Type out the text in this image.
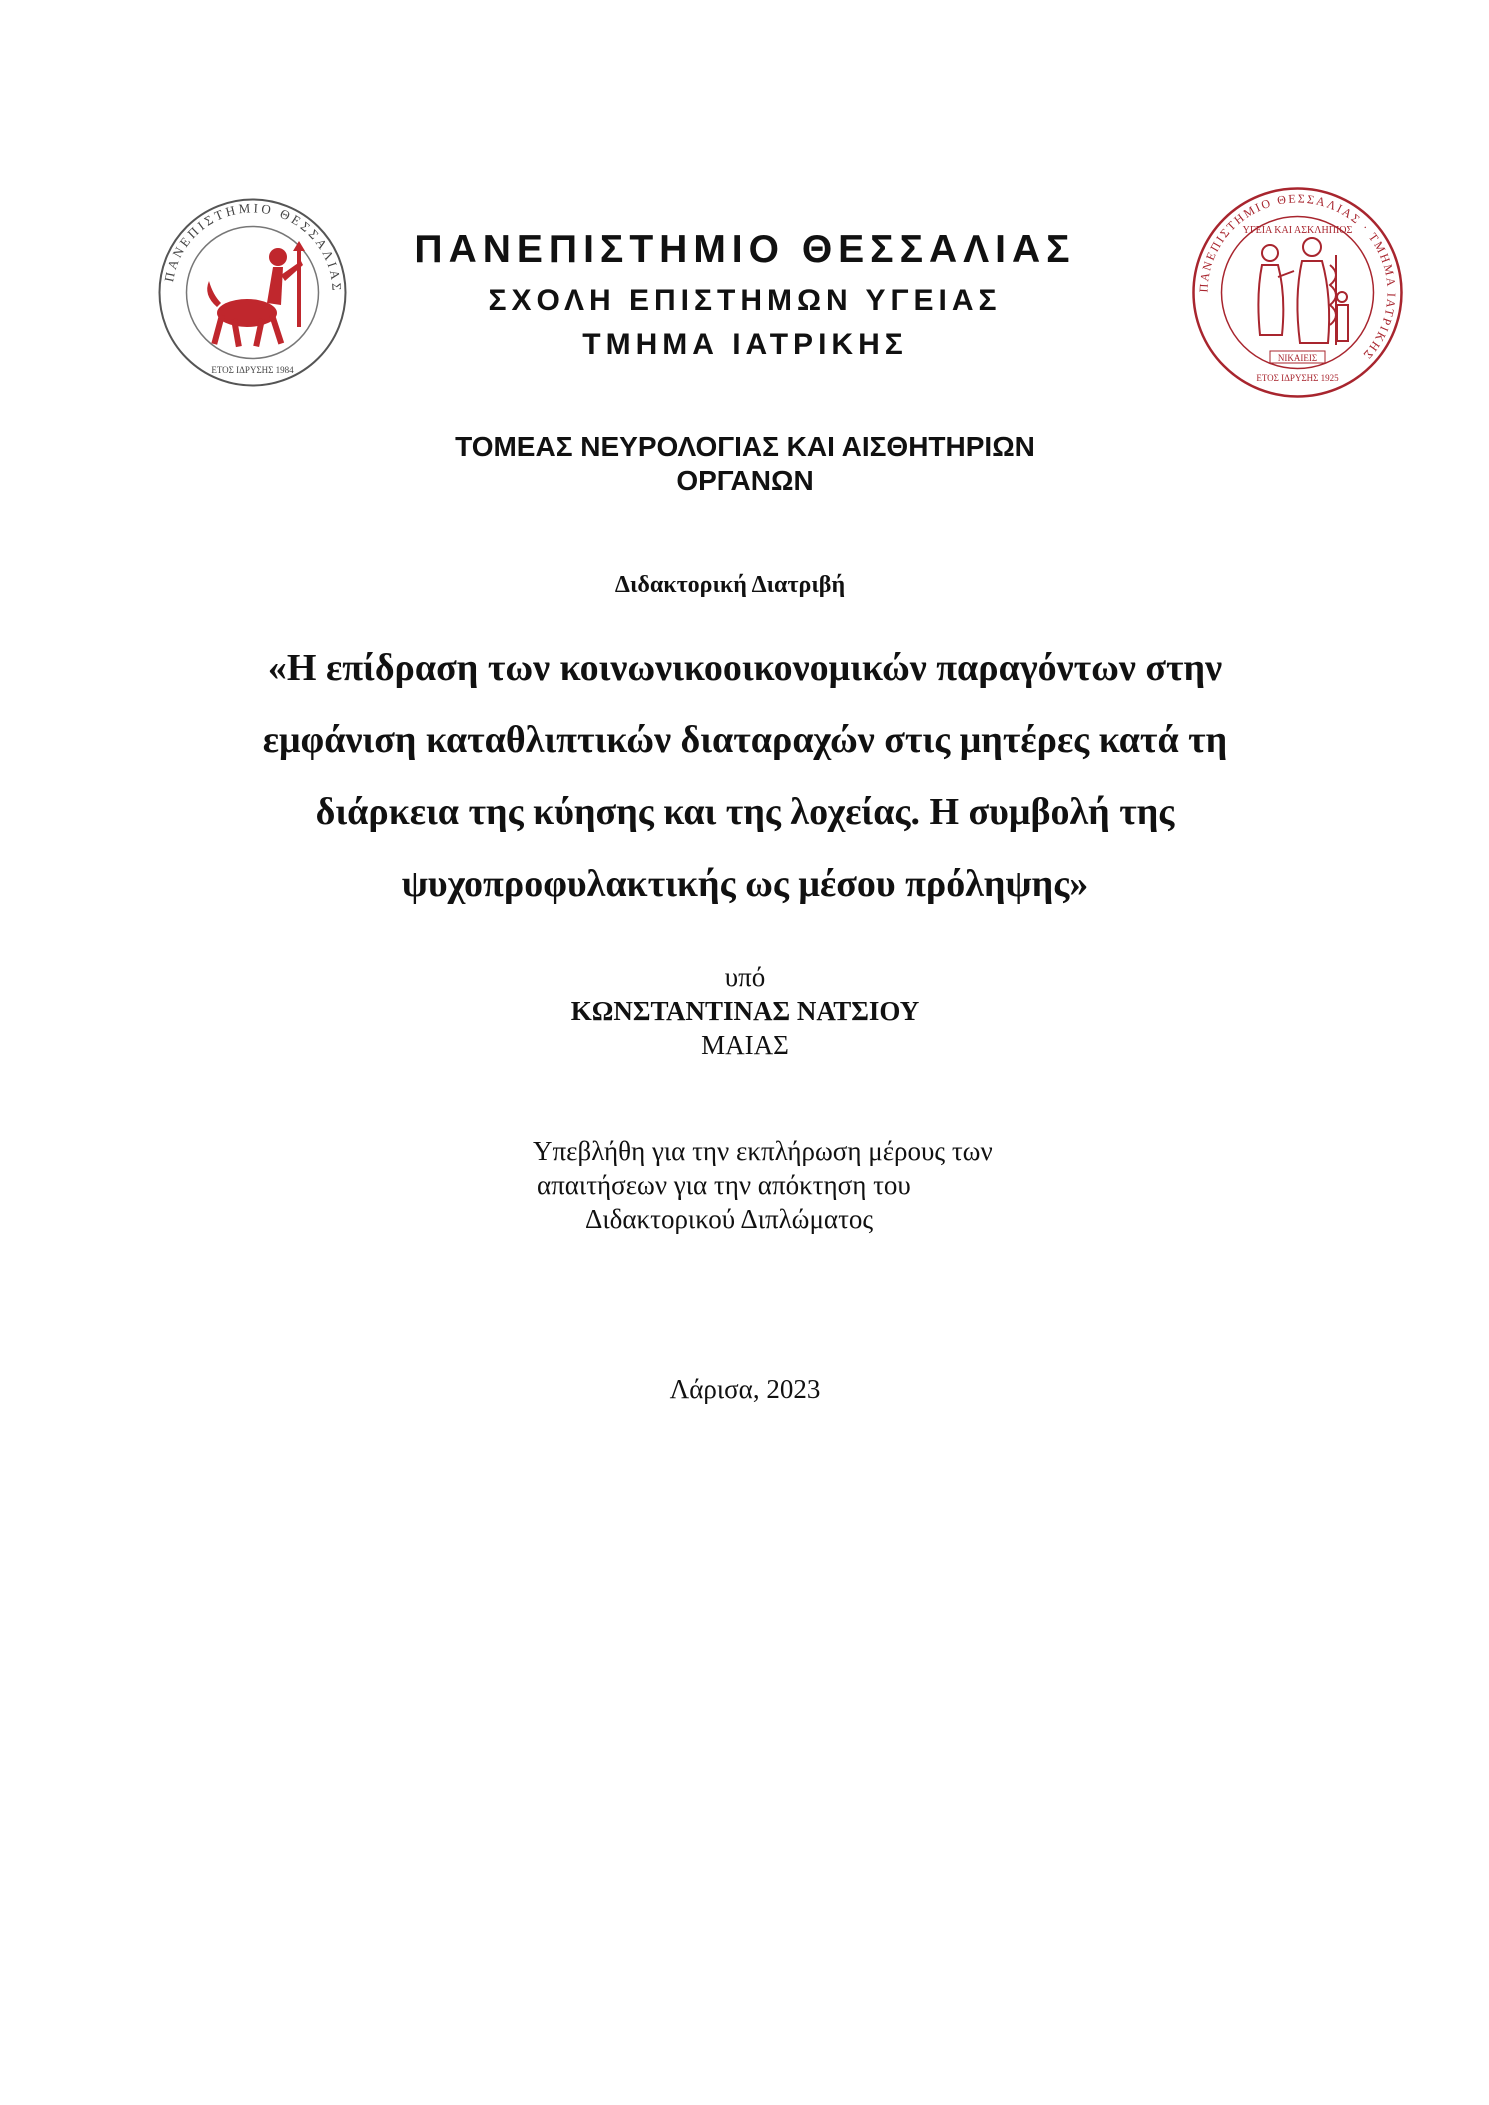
ΠΑΝΕΠΙΣΤΗΜΙΟ ΘΕΣΣΑΛΙΑΣ
ΕΤΟΣ ΙΔΡΥΣΗΣ 1984
ΠΑΝΕΠΙΣΤΗΜΙΟ ΘΕΣΣΑΛΙΑΣ · ΤΜΗΜΑ ΙΑΤΡΙΚΗΣ
ΥΓΕΙΑ ΚΑΙ ΑΣΚΛΗΠΙΟΣ
ΝΙΚΑΙΕΙΣ
ΕΤΟΣ ΙΔΡΥΣΗΣ 1925
ΠΑΝΕΠΙΣΤΗΜΙΟ ΘΕΣΣΑΛΙΑΣ
ΣΧΟΛΗ ΕΠΙΣΤΗΜΩΝ ΥΓΕΙΑΣ
ΤΜΗΜΑ ΙΑΤΡΙΚΗΣ
ΤΟΜΕΑΣ ΝΕΥΡΟΛΟΓΙΑΣ ΚΑΙ ΑΙΣΘΗΤΗΡΙΩΝ
ΟΡΓΑΝΩΝ
Διδακτορική Διατριβή
«Η επίδραση των κοινωνικοοικονομικών παραγόντων στην
εμφάνιση καταθλιπτικών διαταραχών στις μητέρες κατά τη
διάρκεια της κύησης και της λοχείας. Η συμβολή της
ψυχοπροφυλακτικής ως μέσου πρόληψης»
υπό
ΚΩΝΣΤΑΝΤΙΝΑΣ ΝΑΤΣΙΟΥ
ΜΑΙΑΣ
Υπεβλήθη για την εκπλήρωση μέρους των
απαιτήσεων για την απόκτηση του
Διδακτορικού Διπλώματος
Λάρισα, 2023
